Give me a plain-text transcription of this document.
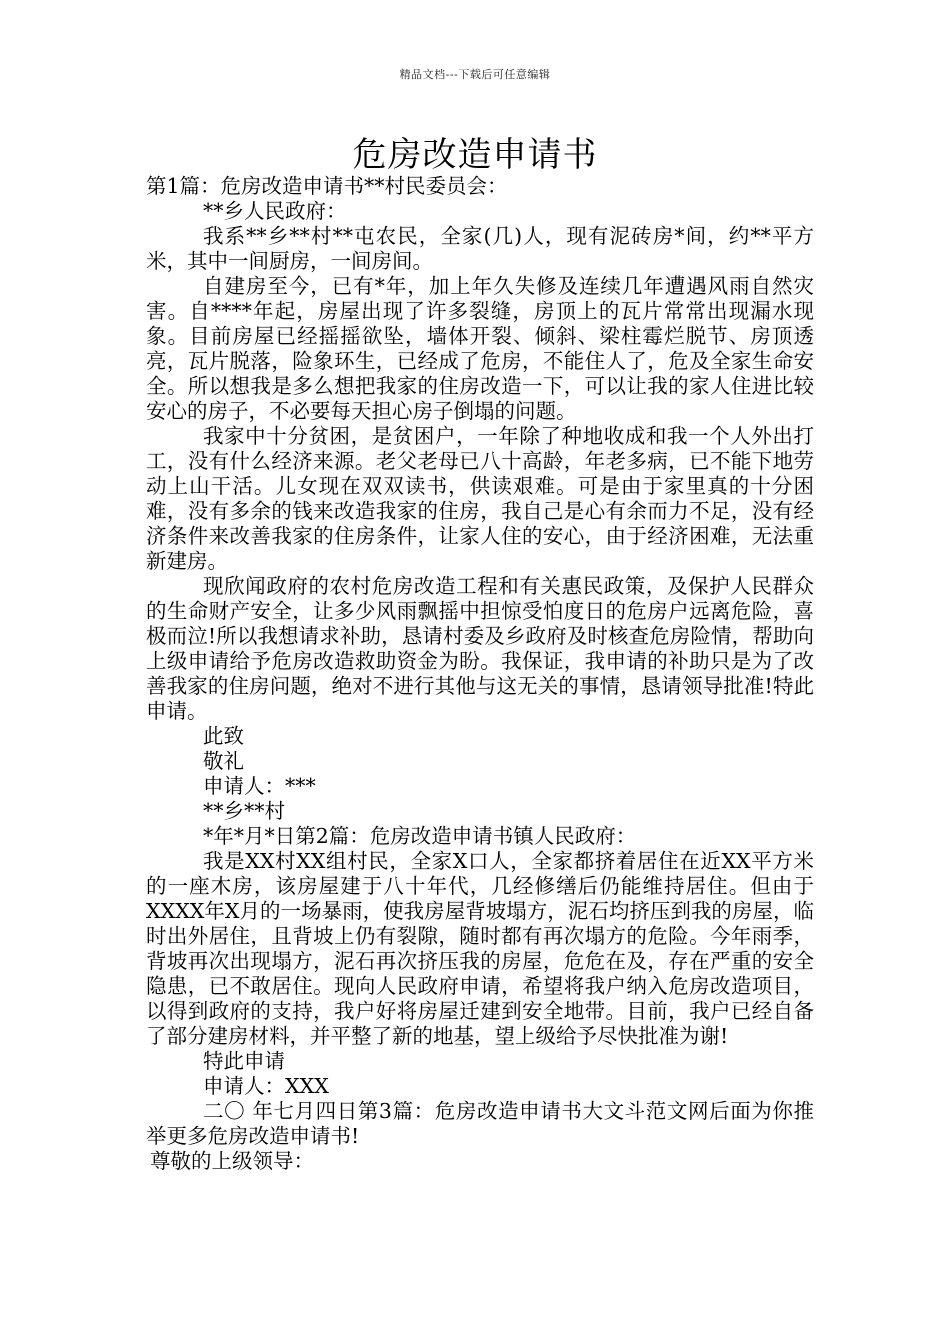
精品文档---下载后可任意编辑
危房改造申请书

第1篇：危房改造申请书**村民委员会：

**乡人民政府：

我系**乡**村**屯农民，全家(几)人，现有泥砖房*间，约**平方米，其中一间厨房，一间房间。

自建房至今，已有*年，加上年久失修及连续几年遭遇风雨自然灾害。自****年起，房屋出现了许多裂缝，房顶上的瓦片常常出现漏水现象。目前房屋已经摇摇欲坠，墙体开裂、倾斜、梁柱霉烂脱节、房顶透亮，瓦片脱落，险象环生，已经成了危房，不能住人了，危及全家生命安全。所以想我是多么想把我家的住房改造一下，可以让我的家人住进比较安心的房子，不必要每天担心房子倒塌的问题。

我家中十分贫困，是贫困户，一年除了种地收成和我一个人外出打工，没有什么经济来源。老父老母已八十高龄，年老多病，已不能下地劳动上山干活。儿女现在双双读书，供读艰难。可是由于家里真的十分困难，没有多余的钱来改造我家的住房，我自己是心有余而力不足，没有经济条件来改善我家的住房条件，让家人住的安心，由于经济困难，无法重新建房。

现欣闻政府的农村危房改造工程和有关惠民政策，及保护人民群众的生命财产安全，让多少风雨飘摇中担惊受怕度日的危房户远离危险，喜极而泣!所以我想请求补助，恳请村委及乡政府及时核查危房险情，帮助向上级申请给予危房改造救助资金为盼。我保证，我申请的补助只是为了改善我家的住房问题，绝对不进行其他与这无关的事情，恳请领导批准!特此申请。

此致

敬礼

申请人：***

**乡**村

*年*月*日第2篇：危房改造申请书镇人民政府：

我是XX村XX组村民，全家X口人，全家都挤着居住在近XX平方米的一座木房，该房屋建于八十年代，几经修缮后仍能维持居住。但由于XXXX年X月的一场暴雨，使我房屋背坡塌方，泥石均挤压到我的房屋，临时出外居住，且背坡上仍有裂隙，随时都有再次塌方的危险。今年雨季，背坡再次出现塌方，泥石再次挤压我的房屋，危危在及，存在严重的安全隐患，已不敢居住。现向人民政府申请，希望将我户纳入危房改造项目，以得到政府的支持，我户好将房屋迁建到安全地带。目前，我户已经自备了部分建房材料，并平整了新的地基，望上级给予尽快批准为谢!

特此申请

申请人：XXX

二〇 年七月四日第3篇：危房改造申请书大文斗范文网后面为你推举更多危房改造申请书!

尊敬的上级领导：
